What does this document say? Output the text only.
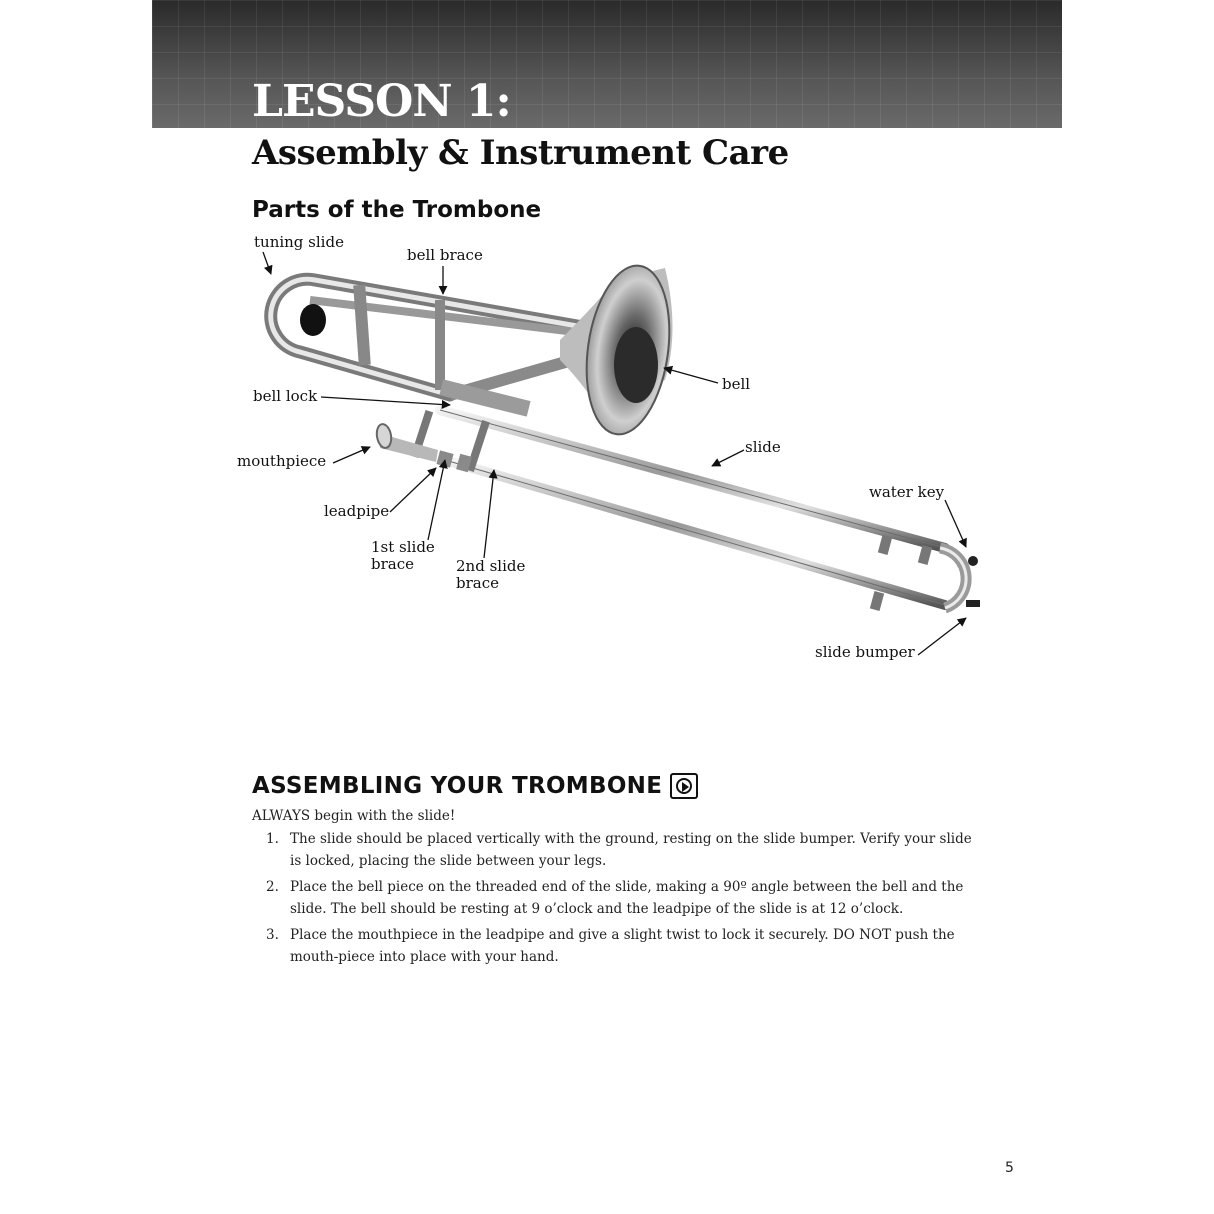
LESSON 1:
Assembly & Instrument Care
Parts of the Trombone
tuning slide
bell brace
bell
bell lock
slide
mouthpiece
water key
leadpipe
1st slide
brace	2nd slide
brace
slide bumper
ASSEMBLING YOUR TROMBONE

ALWAYS begin with the slide!

1. The slide should be placed vertically with the ground, resting on the slide bumper. Verify your slide is locked, placing the slide between your legs.
2. Place the bell piece on the threaded end of the slide, making a 90º angle between the bell and the slide. The bell should be resting at 9 o’clock and the leadpipe of the slide is at 12 o’clock.
3. Place the mouthpiece in the leadpipe and give a slight twist to lock it securely. DO NOT push the mouth-piece into place with your hand.

5
